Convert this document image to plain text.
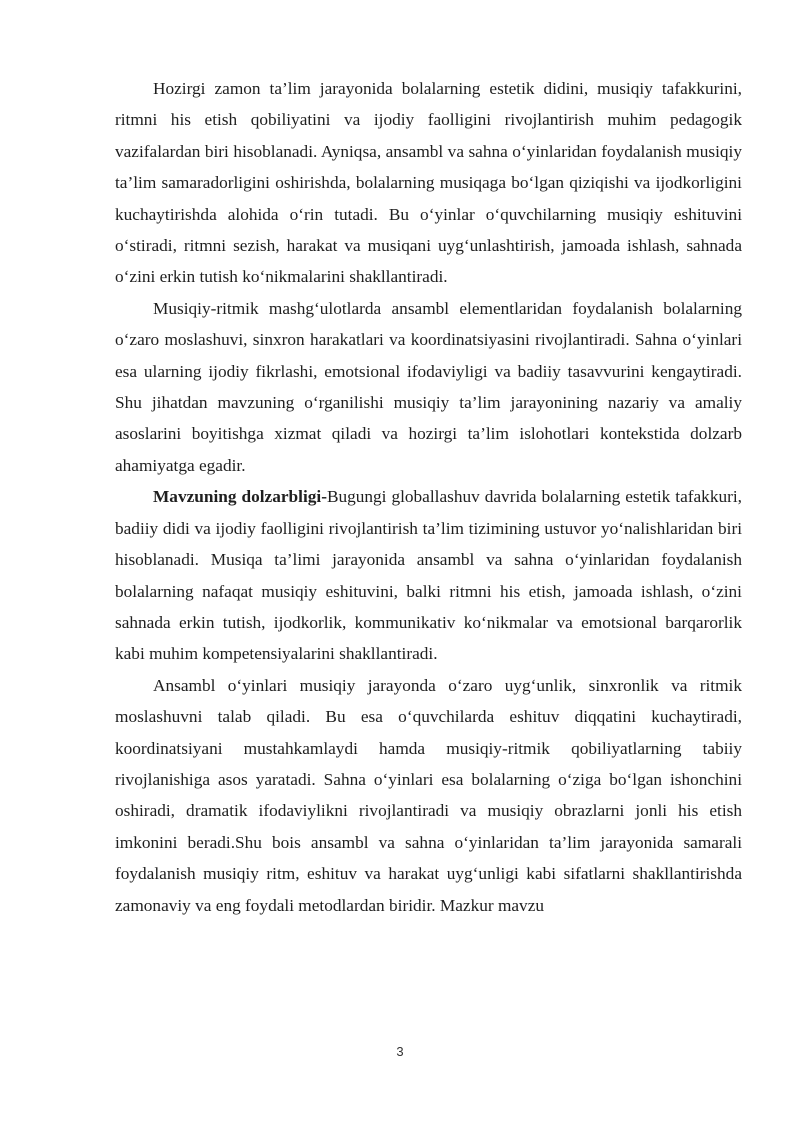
Hozirgi zamon ta’lim jarayonida bolalarning estetik didini, musiqiy tafakkurini, ritmni his etish qobiliyatini va ijodiy faolligini rivojlantirish muhim pedagogik vazifalardan biri hisoblanadi. Ayniqsa, ansambl va sahna o‘yinlaridan foydalanish musiqiy ta’lim samaradorligini oshirishda, bolalarning musiqaga bo‘lgan qiziqishi va ijodkorligini kuchaytirishda alohida o‘rin tutadi. Bu o‘yinlar o‘quvchilarning musiqiy eshituvini o‘stiradi, ritmni sezish, harakat va musiqani uyg‘unlashtirish, jamoada ishlash, sahnada o‘zini erkin tutish ko‘nikmalarini shakllantiradi.

Musiqiy-ritmik mashg‘ulotlarda ansambl elementlaridan foydalanish bolalarning o‘zaro moslashuvi, sinxron harakatlari va koordinatsiyasini rivojlantiradi. Sahna o‘yinlari esa ularning ijodiy fikrlashi, emotsional ifodaviyligi va badiiy tasavvurini kengaytiradi. Shu jihatdan mavzuning o‘rganilishi musiqiy ta’lim jarayonining nazariy va amaliy asoslarini boyitishga xizmat qiladi va hozirgi ta’lim islohotlari kontekstida dolzarb ahamiyatga egadir.

Mavzuning dolzarbligi-Bugungi globallashuv davrida bolalarning estetik tafakkuri, badiiy didi va ijodiy faolligini rivojlantirish ta’lim tizimining ustuvor yo‘nalishlaridan biri hisoblanadi. Musiqa ta’limi jarayonida ansambl va sahna o‘yinlaridan foydalanish bolalarning nafaqat musiqiy eshituvini, balki ritmni his etish, jamoada ishlash, o‘zini sahnada erkin tutish, ijodkorlik, kommunikativ ko‘nikmalar va emotsional barqarorlik kabi muhim kompetensiyalarini shakllantiradi.

Ansambl o‘yinlari musiqiy jarayonda o‘zaro uyg‘unlik, sinxronlik va ritmik moslashuvni talab qiladi. Bu esa o‘quvchilarda eshituv diqqatini kuchaytiradi, koordinatsiyani mustahkamlaydi hamda musiqiy-ritmik qobiliyatlarning tabiiy rivojlanishiga asos yaratadi. Sahna o‘yinlari esa bolalarning o‘ziga bo‘lgan ishonchini oshiradi, dramatik ifodaviylikni rivojlantiradi va musiqiy obrazlarni jonli his etish imkonini beradi.Shu bois ansambl va sahna o‘yinlaridan ta’lim jarayonida samarali foydalanish musiqiy ritm, eshituv va harakat uyg‘unligi kabi sifatlarni shakllantirishda zamonaviy va eng foydali metodlardan biridir. Mazkur mavzu

3
